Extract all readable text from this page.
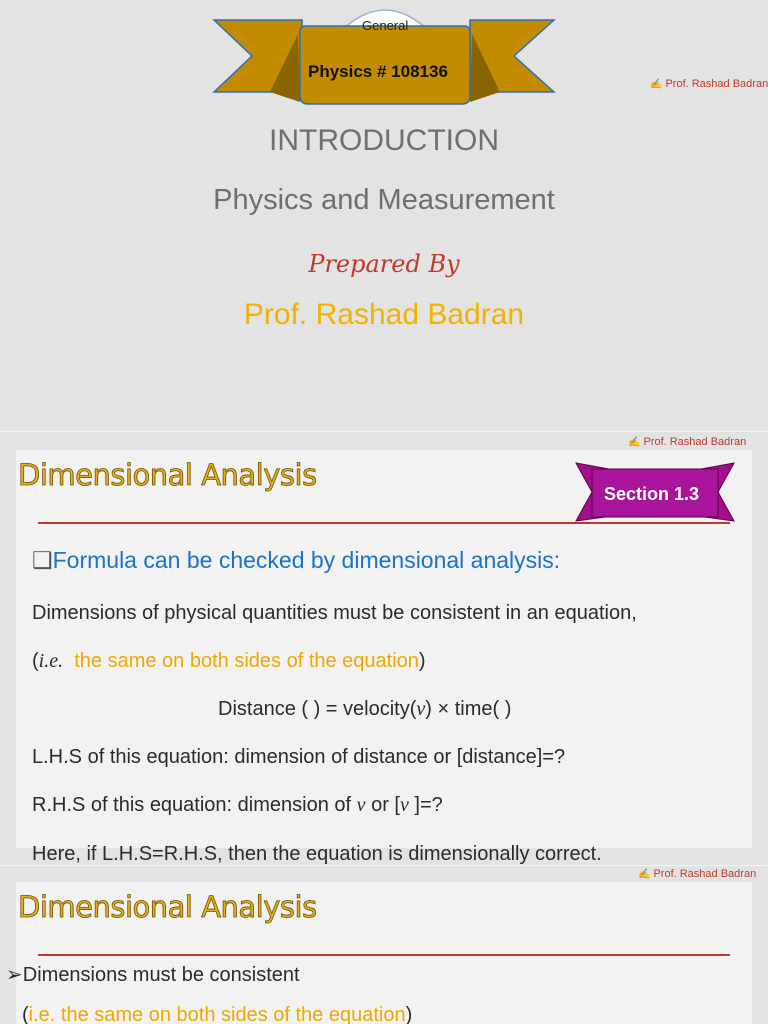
General
Physics # 108136
✍ Prof. Rashad Badran
INTRODUCTION
Physics and Measurement
Prepared By
Prof. Rashad Badran
✍ Prof. Rashad Badran
Dimensional Analysis
Section 1.3
❑Formula can be checked by dimensional analysis:
Dimensions of physical quantities must be consistent in an equation,
(i.e. the same on both sides of the equation)
Distance ( ) = velocity(v) × time( )
L.H.S of this equation: dimension of distance or [distance]=?
R.H.S of this equation: dimension of v or [v ]=?
Here, if L.H.S=R.H.S, then the equation is dimensionally correct.
✍ Prof. Rashad Badran
Dimensional Analysis
➢Dimensions must be consistent
(i.e. the same on both sides of the equation)
